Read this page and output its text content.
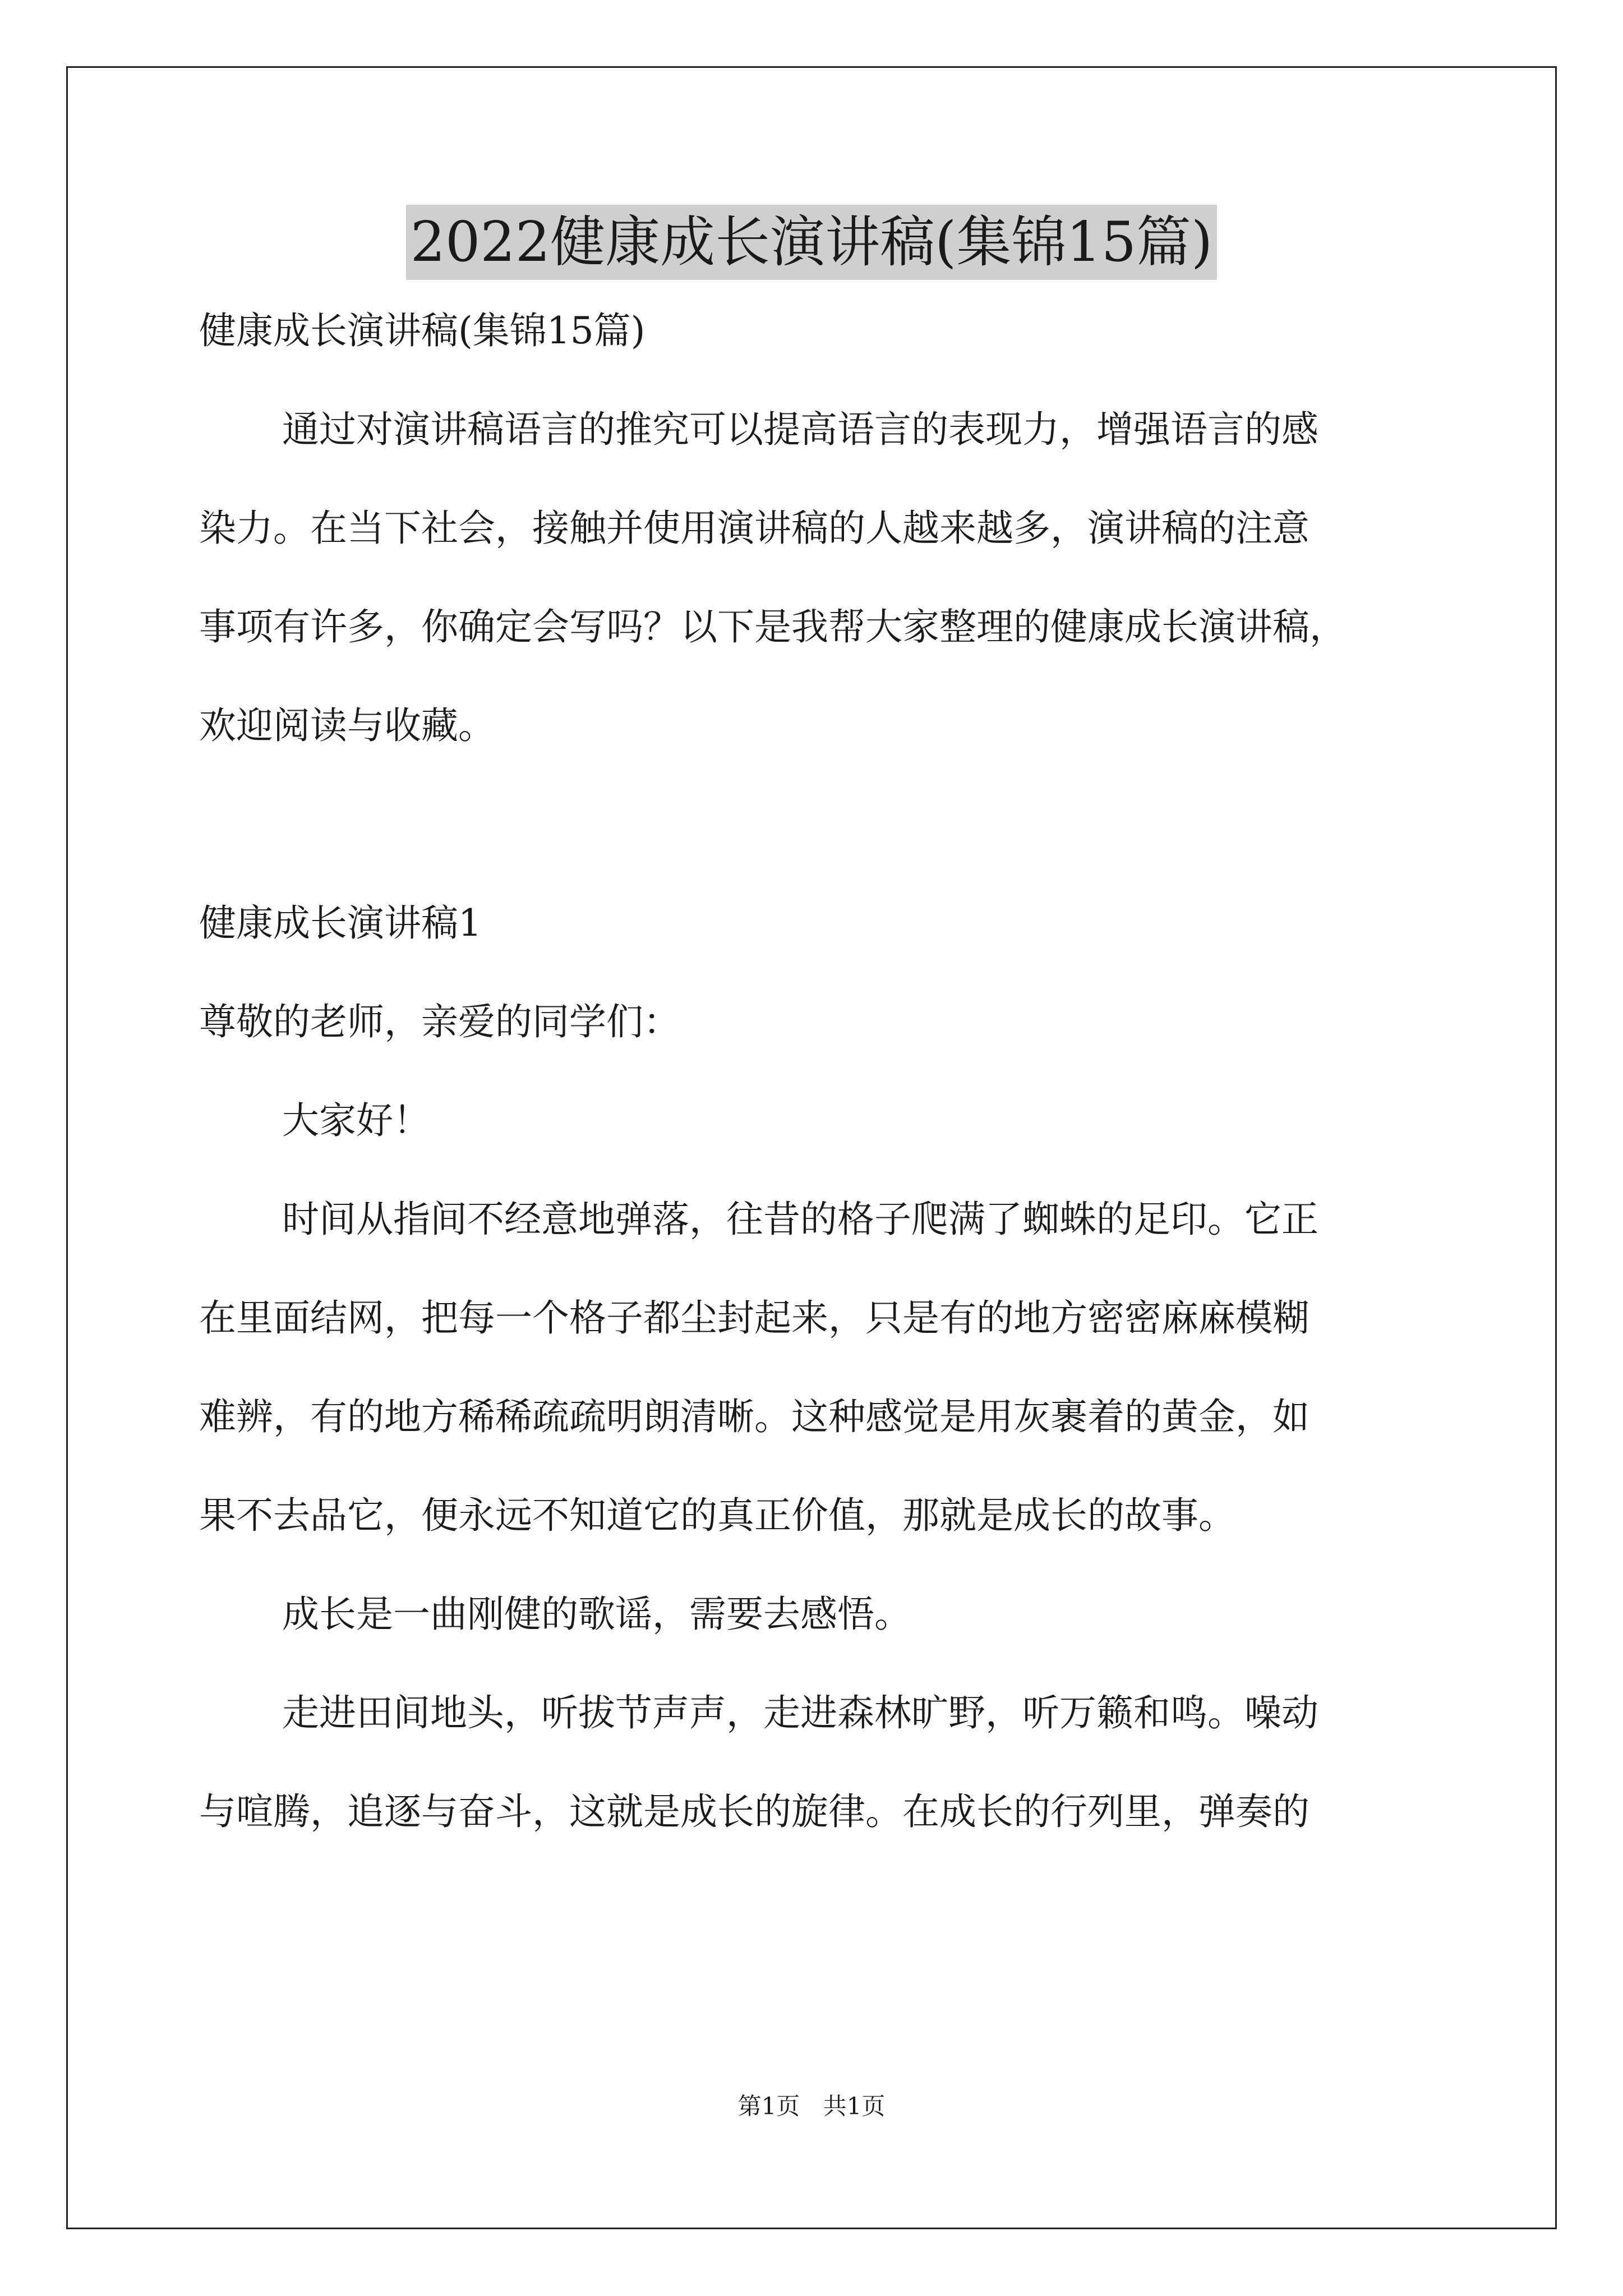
2022健康成长演讲稿(集锦15篇)

健康成长演讲稿(集锦15篇)

通过对演讲稿语言的推究可以提高语言的表现力，增强语言的感

染力。在当下社会，接触并使用演讲稿的人越来越多，演讲稿的注意

事项有许多，你确定会写吗？以下是我帮大家整理的健康成长演讲稿，

欢迎阅读与收藏。

健康成长演讲稿1

尊敬的老师，亲爱的同学们：

大家好！

时间从指间不经意地弹落，往昔的格子爬满了蜘蛛的足印。它正

在里面结网，把每一个格子都尘封起来，只是有的地方密密麻麻模糊

难辨，有的地方稀稀疏疏明朗清晰。这种感觉是用灰裹着的黄金，如

果不去品它，便永远不知道它的真正价值，那就是成长的故事。

成长是一曲刚健的歌谣，需要去感悟。

走进田间地头，听拔节声声，走进森林旷野，听万籁和鸣。噪动

与喧腾，追逐与奋斗，这就是成长的旋律。在成长的行列里，弹奏的

第1页 共1页
